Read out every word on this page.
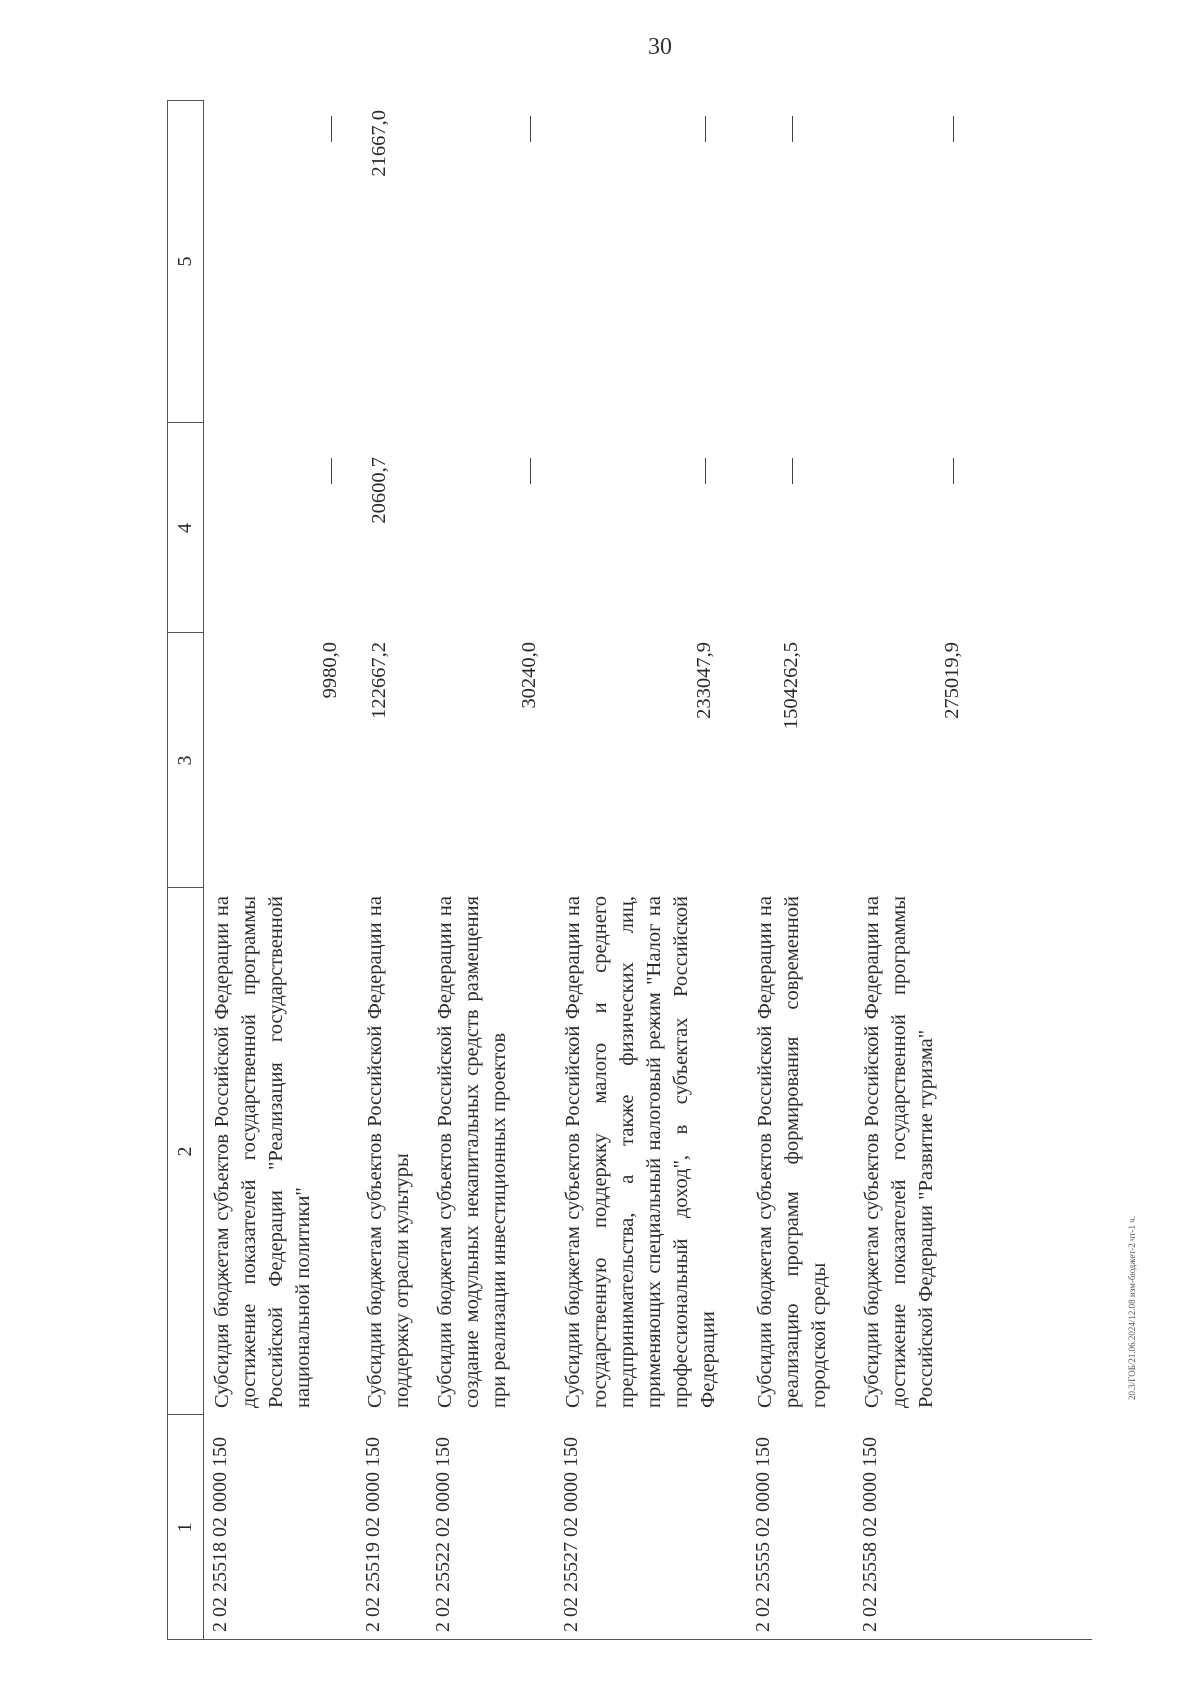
30
20.3/ГОБ/21.06.2024/12.08 изм-бюджет-2 чт-1 ч.
1
2
3
4
5
2 02 25518 02 0000 150
Субсидия бюджетам субъектов Российской Федерации на достижение показателей государственной программы Российской Федерации "Реализация государственной национальной политики"
9980,0
2 02 25519 02 0000 150
Субсидии бюджетам субъектов Российской Федерации на поддержку отрасли культуры
122667,2
20600,7
21667,0
2 02 25522 02 0000 150
Субсидии бюджетам субъектов Российской Федерации на создание модульных некапитальных средств размещения при реализации инвестиционных проектов
30240,0
2 02 25527 02 0000 150
Субсидии бюджетам субъектов Российской Федерации на государственную поддержку малого и среднего предпринимательства, а также физических лиц, применяющих специальный налоговый режим "Налог на профессиональный доход", в субъектах Российской Федерации
233047,9
2 02 25555 02 0000 150
Субсидии бюджетам субъектов Российской Федерации на реализацию программ формирования современной городской среды
1504262,5
2 02 25558 02 0000 150
Субсидии бюджетам субъектов Российской Федерации на достижение показателей государственной программы Российской Федерации "Развитие туризма"
275019,9
